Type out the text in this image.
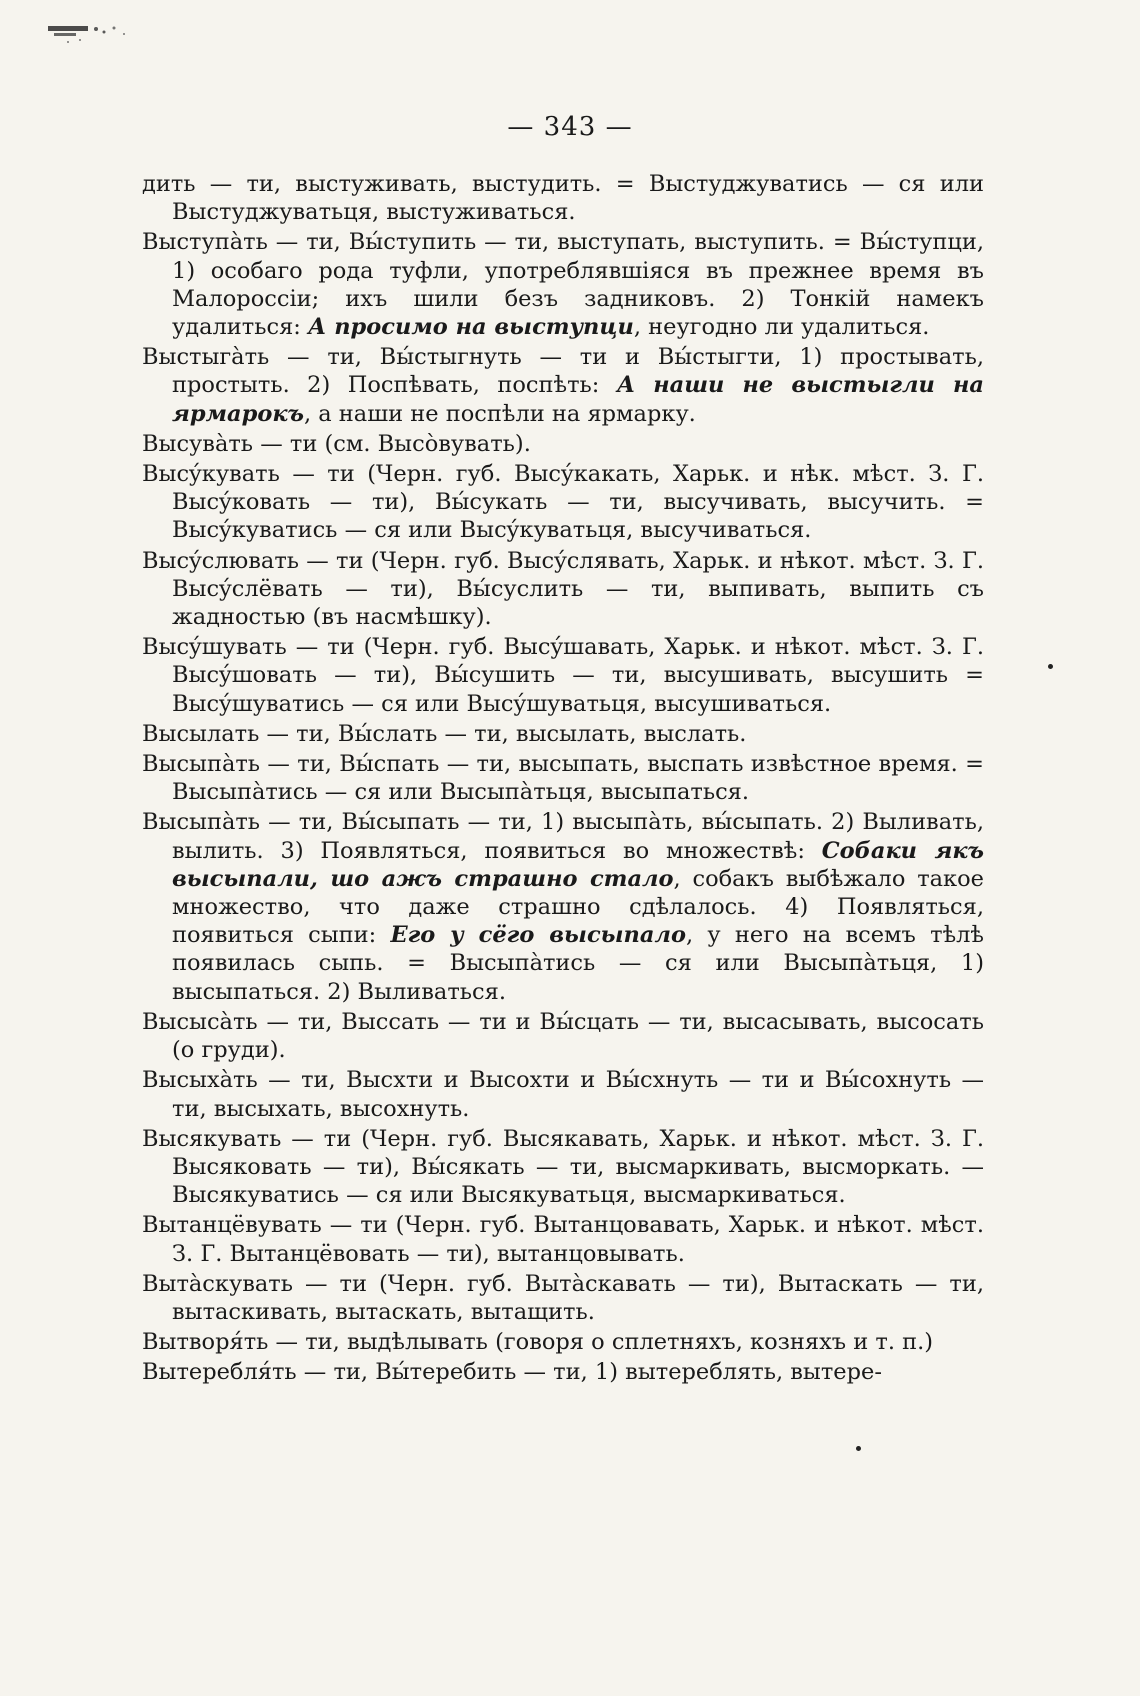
— 343 —

дить — ти, выстуживать, выстудить. = Выстуджуватись — ся или Выстуджуватьця, выстуживаться.

Выступàть — ти, Вы́ступить — ти, выступать, выступить. = Вы́ступци, 1) особаго рода туфли, употреблявшіяся въ прежнее время въ Малороссіи; ихъ шили безъ задниковъ. 2) Тонкій намекъ удалиться: А просимо на выступци, неугодно ли удалиться.

Выстыгàть — ти, Вы́стыгнуть — ти и Вы́стыгти, 1) простывать, простыть. 2) Поспѣвать, поспѣть: А наши не выстыгли на ярмарокъ, а наши не поспѣли на ярмарку.

Высувàть — ти (см. Высòвувать).

Высýкувать — ти (Черн. губ. Высýкакать, Харьк. и нѣк. мѣст. З. Г. Высýковать — ти), Вы́сукать — ти, высучивать, высучить. = Высýкуватись — ся или Высýкуватьця, высучиваться.

Высýслювать — ти (Черн. губ. Высýслявать, Харьк. и нѣкот. мѣст. З. Г. Высýслёвать — ти), Вы́суслить — ти, выпивать, выпить съ жадностью (въ насмѣшку).

Высýшувать — ти (Черн. губ. Высýшавать, Харьк. и нѣкот. мѣст. З. Г. Высýшовать — ти), Вы́сушить — ти, высушивать, высушить = Высýшуватись — ся или Высýшуватьця, высушиваться.

Высылать — ти, Вы́слать — ти, высылать, выслать.

Высыпàть — ти, Вы́спать — ти, высыпать, выспать извѣстное время. = Высыпàтись — ся или Высыпàтьця, высыпаться.

Высыпàть — ти, Вы́сыпать — ти, 1) высыпàть, вы́сыпать. 2) Выливать, вылить. 3) Появляться, появиться во множествѣ: Собаки якъ высыпали, шо ажъ страшно стало, собакъ выбѣжало такое множество, что даже страшно сдѣлалось. 4) Появляться, появиться сыпи: Его у сёго высыпало, у него на всемъ тѣлѣ появилась сыпь. = Высыпàтись — ся или Высыпàтьця, 1) высыпаться. 2) Выливаться.

Высысàть — ти, Выссать — ти и Вы́сцать — ти, высасывать, высосать (о груди).

Высыхàть — ти, Высхти и Высохти и Вы́схнуть — ти и Вы́сохнуть — ти, высыхать, высохнуть.

Высякувать — ти (Черн. губ. Высякавать, Харьк. и нѣкот. мѣст. З. Г. Высяковать — ти), Вы́сякать — ти, высмаркивать, высморкать. — Высякуватись — ся или Высякуватьця, высмаркиваться.

Вытанцёвувать — ти (Черн. губ. Вытанцовавать, Харьк. и нѣкот. мѣст. З. Г. Вытанцёвовать — ти), вытанцовывать.

Вытàскувать — ти (Черн. губ. Вытàскавать — ти), Вытаскать — ти, вытаскивать, вытаскать, вытащить.

Вытворя́ть — ти, выдѣлывать (говоря о сплетняхъ, козняхъ и т. п.)

Вытеребля́ть — ти, Вы́теребить — ти, 1) вытереблять, вытере-
